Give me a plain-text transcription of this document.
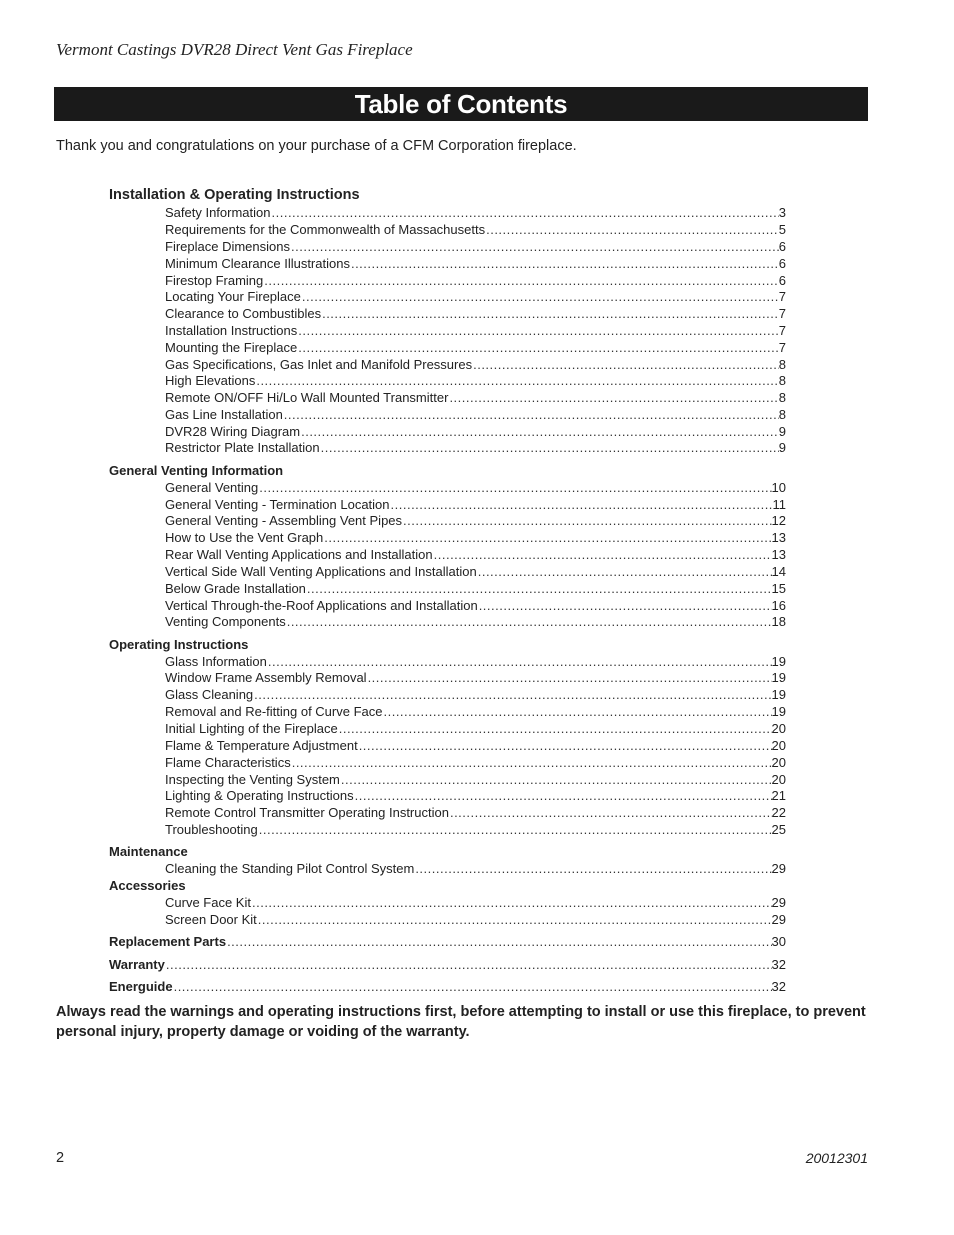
Vermont Castings DVR28 Direct Vent Gas Fireplace
Table of Contents
Thank you and congratulations on your purchase of a CFM Corporation fireplace.
Installation & Operating Instructions
Safety Information .....	3
Requirements for the Commonwealth of Massachusetts .....	5
Fireplace Dimensions .....	6
Minimum Clearance Illustrations .....	6
Firestop Framing .....	6
Locating Your Fireplace .....	7
Clearance to Combustibles .....	7
Installation Instructions .....	7
Mounting the Fireplace .....	7
Gas Specifications, Gas Inlet and Manifold Pressures .....	8
High Elevations .....	8
Remote ON/OFF Hi/Lo Wall Mounted Transmitter .....	8
Gas Line Installation .....	8
DVR28 Wiring Diagram .....	9
Restrictor Plate Installation .....	9
General Venting Information
General Venting .....	10
General Venting - Termination Location .....	11
General Venting - Assembling Vent Pipes .....	12
How to Use the Vent Graph .....	13
Rear Wall Venting Applications and Installation .....	13
Vertical Side Wall Venting Applications and Installation .....	14
Below Grade Installation .....	15
Vertical Through-the-Roof Applications and Installation .....	16
Venting Components .....	18
Operating Instructions
Glass Information .....	19
Window Frame Assembly Removal .....	19
Glass Cleaning .....	19
Removal and Re-fitting of Curve Face .....	19
Initial Lighting of the Fireplace .....	20
Flame & Temperature Adjustment .....	20
Flame Characteristics .....	20
Inspecting the Venting System .....	20
Lighting & Operating Instructions .....	21
Remote Control Transmitter Operating Instruction .....	22
Troubleshooting .....	25
Maintenance
Cleaning the Standing Pilot Control System .....	29
Accessories
Curve Face Kit .....	29
Screen Door Kit .....	29
Replacement Parts .....	30
Warranty .....	32
Energuide .....	32
Always read the warnings and operating instructions first, before attempting to install or use this fireplace, to prevent personal injury, property damage or voiding of the warranty.
2	20012301
